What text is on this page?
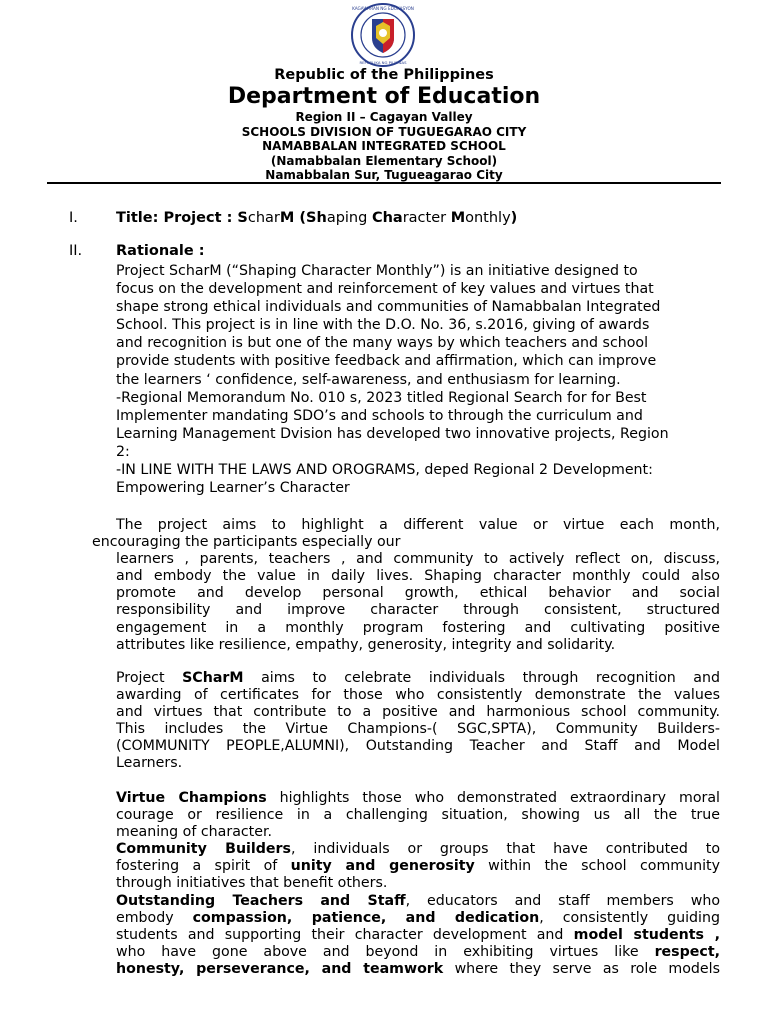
KAGAWARAN NG EDUKASYON
REPUBLIKA NG PILIPINAS
Republic of the Philippines
Department of Education
Region II – Cagayan Valley
SCHOOLS DIVISION OF TUGUEGARAO CITY
NAMABBALAN INTEGRATED SCHOOL
(Namabbalan Elementary School)
Namabbalan Sur, Tugueagarao City
I.	Title: Project : ScharM (Shaping Character Monthly)
II. Rationale :
Project ScharM (“Shaping Character Monthly”) is an initiative designed to
focus on the development and reinforcement of key values and virtues that
shape strong ethical individuals and communities of Namabbalan Integrated
School. This project is in line with the D.O. No. 36, s.2016, giving of awards
and recognition is but one of the many ways by which teachers and school
provide students with positive feedback and affirmation, which can improve
the learners ‘ confidence, self-awareness, and enthusiasm for learning.
-Regional Memorandum No. 010 s, 2023 titled Regional Search for for Best
Implementer mandating SDO’s and schools to through the curriculum and
Learning Management Dvision has developed two innovative projects, Region
2:
-IN LINE WITH THE LAWS AND OROGRAMS, deped Regional 2 Development:
Empowering Learner’s Character
The project aims to highlight a different value or virtue each month,
encouraging the participants especially our
learners , parents, teachers , and community to actively reflect on, discuss,
and embody the value in daily lives. Shaping character monthly could also
promote and develop personal growth, ethical behavior and social
responsibility and improve character through consistent, structured
engagement in a monthly program fostering and cultivating positive
attributes like resilience, empathy, generosity, integrity and solidarity.
Project SCharM aims to celebrate individuals through recognition and
awarding of certificates for those who consistently demonstrate the values
and virtues that contribute to a positive and harmonious school community.
This includes the Virtue Champions-( SGC,SPTA), Community Builders-
(COMMUNITY PEOPLE,ALUMNI), Outstanding Teacher and Staff and Model
Learners.
Virtue Champions highlights those who demonstrated extraordinary moral
courage or resilience in a challenging situation, showing us all the true
meaning of character.
Community Builders, individuals or groups that have contributed to
fostering a spirit of unity and generosity within the school community
through initiatives that benefit others.
Outstanding Teachers and Staff, educators and staff members who
embody compassion, patience, and dedication, consistently guiding
students and supporting their character development and model students ,
who have gone above and beyond in exhibiting virtues like respect,
honesty, perseverance, and teamwork where they serve as role models
